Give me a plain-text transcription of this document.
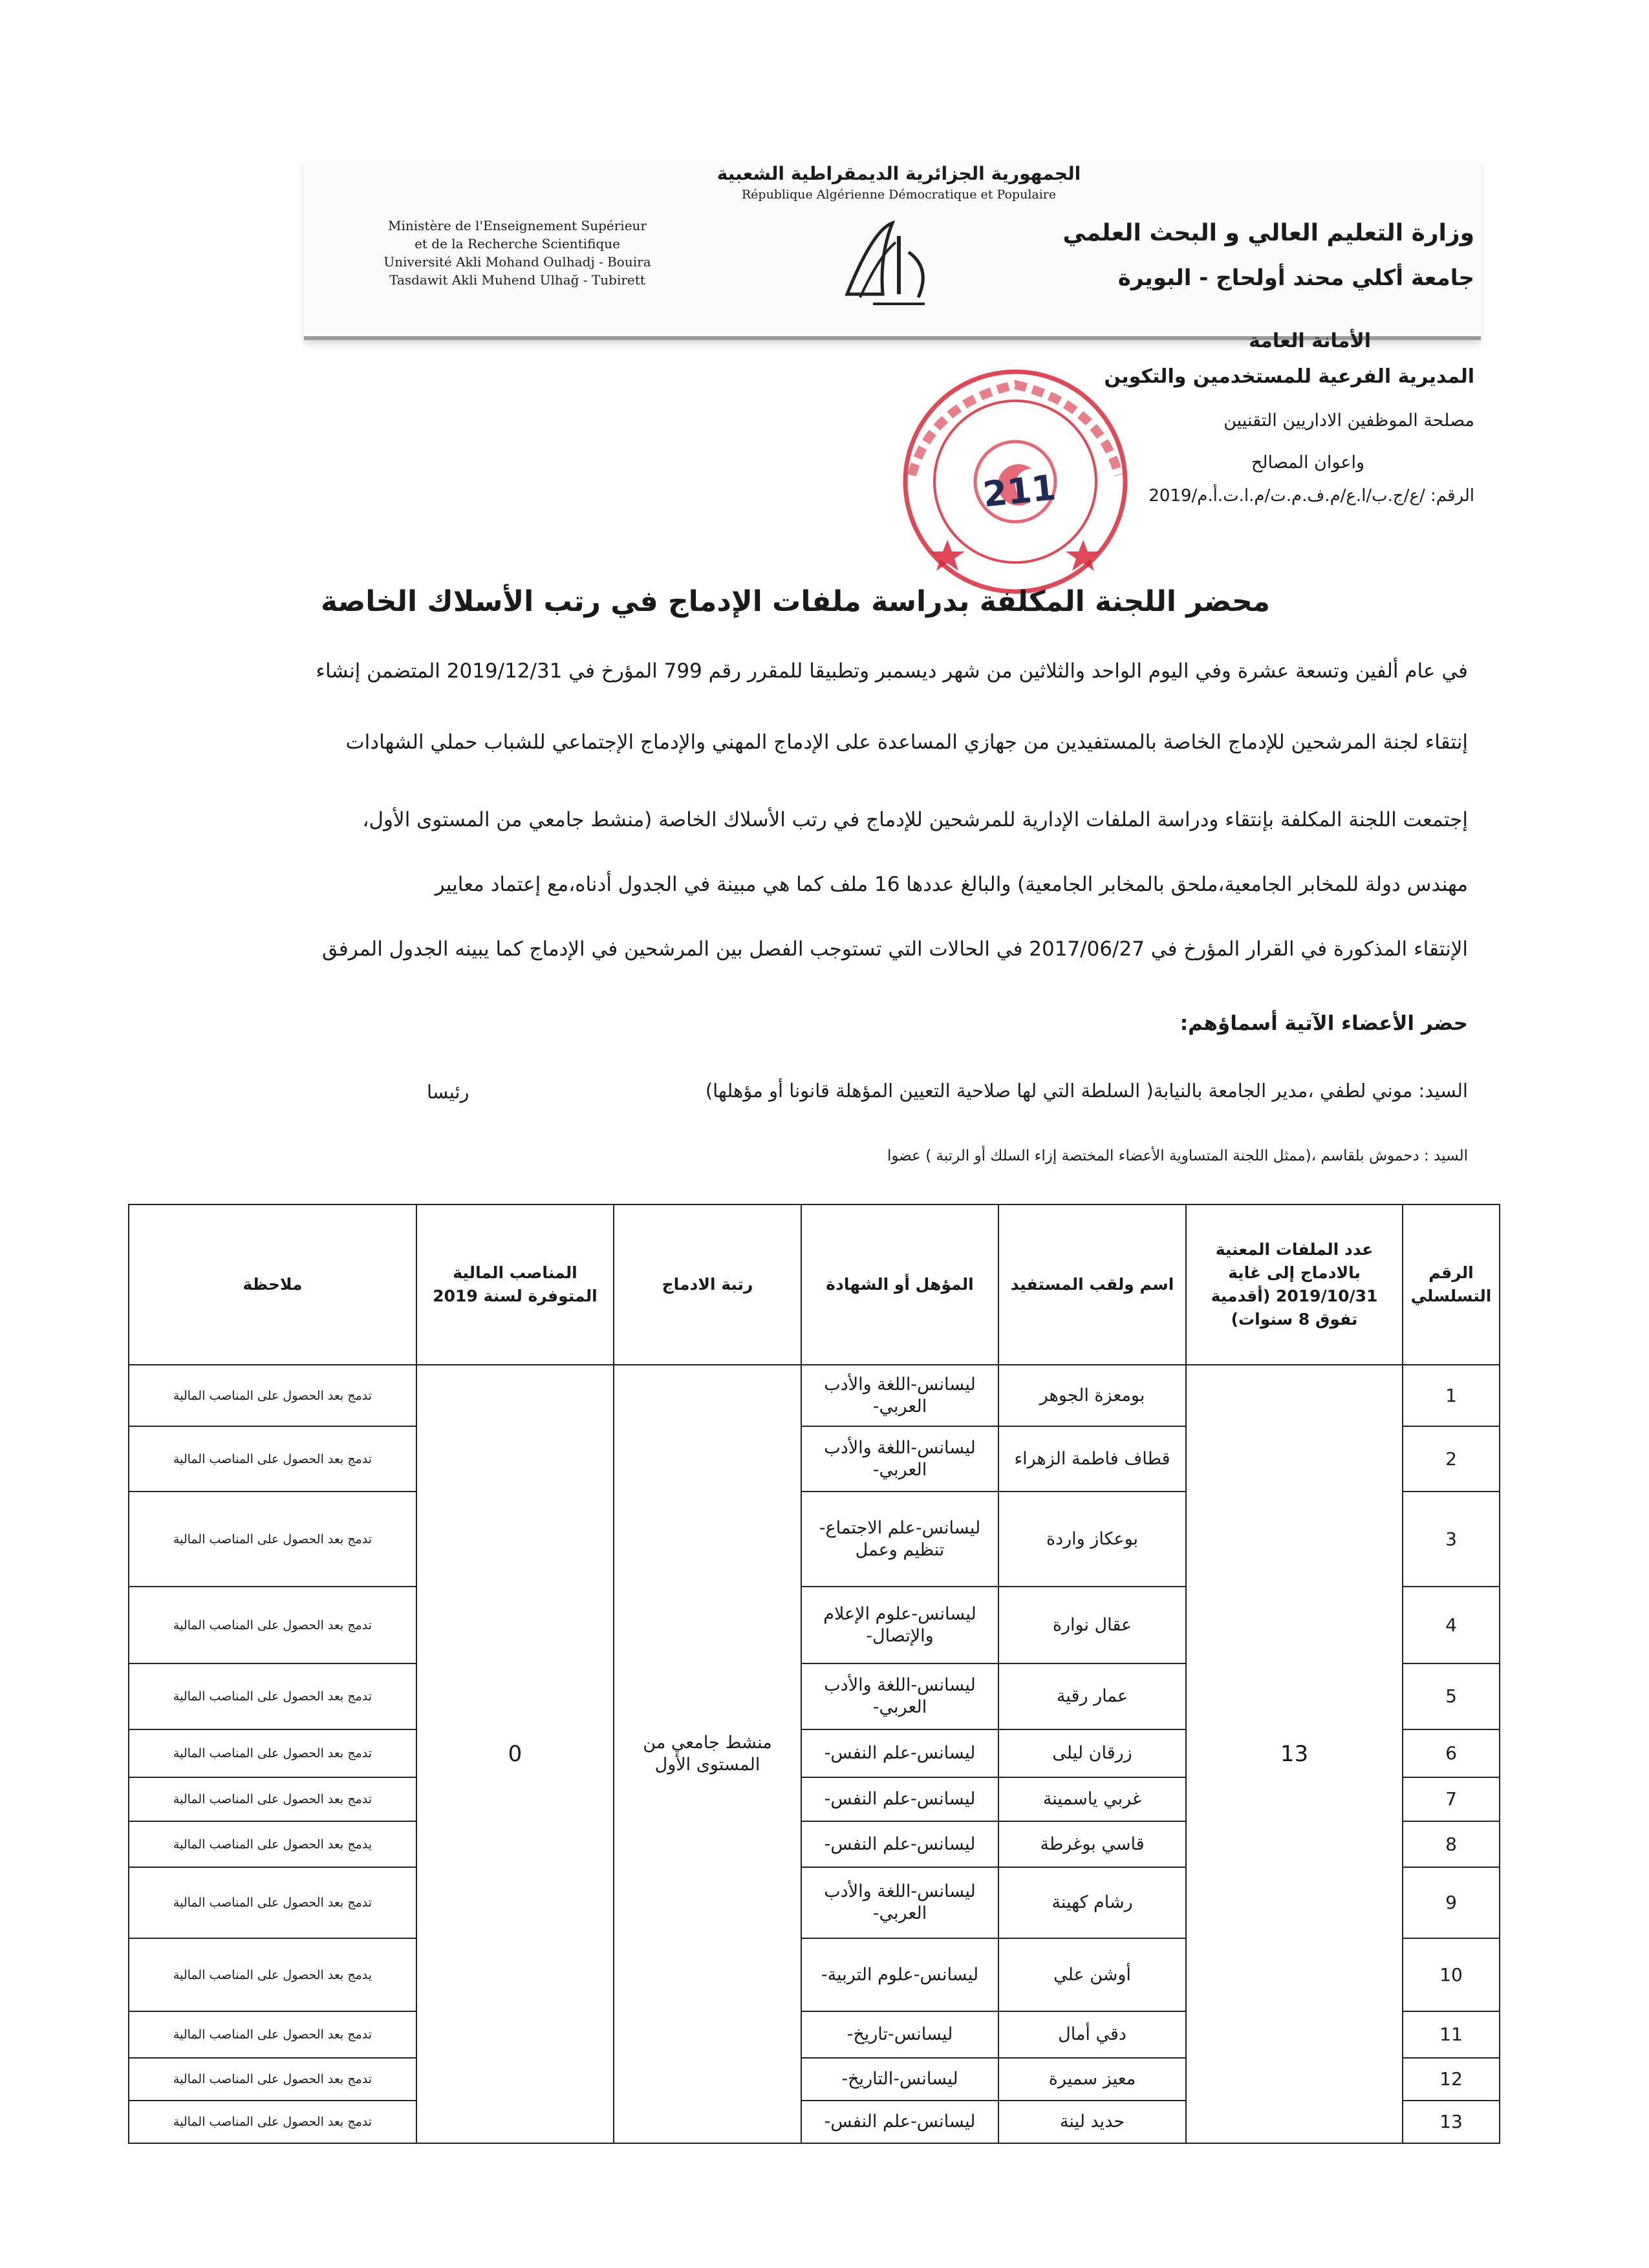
الجمهورية الجزائرية الديمقراطية الشعبية
République Algérienne Démocratique et Populaire
Ministère de l'Enseignement Supérieur
et de la Recherche Scientifique
Université Akli Mohand Oulhadj - Bouira
Tasdawit Akli Muhend Ulhağ - Tubirett
وزارة التعليم العالي و البحث العلمي
جامعة أكلي محند أولحاج - البويرة
الأمانة العامة
المديرية الفرعية للمستخدمين والتكوين
مصلحة الموظفين الاداريين التقنيين
واعوان المصالح
الرقم: /ع/ج.ب/ا.ع/م.ف.م.ت/م.ا.ت.أ.م/2019
211
محضر اللجنة المكلفة بدراسة ملفات الإدماج في رتب الأسلاك الخاصة
في عام ألفين وتسعة عشرة وفي اليوم الواحد والثلاثين من شهر ديسمبر وتطبيقا للمقرر رقم 799 المؤرخ في 2019/12/31 المتضمن إنشاء
إنتقاء لجنة المرشحين للإدماج الخاصة بالمستفيدين من جهازي المساعدة على الإدماج المهني والإدماج الإجتماعي للشباب حملي الشهادات
إجتمعت اللجنة المكلفة بإنتقاء ودراسة الملفات الإدارية للمرشحين للإدماج في رتب الأسلاك الخاصة (منشط جامعي من المستوى الأول،
مهندس دولة للمخابر الجامعية،ملحق بالمخابر الجامعية) والبالغ عددها 16 ملف كما هي مبينة في الجدول أدناه،مع إعتماد معايير
الإنتقاء المذكورة في القرار المؤرخ في 2017/06/27 في الحالات التي تستوجب الفصل بين المرشحين في الإدماج كما يبينه الجدول المرفق
حضر الأعضاء الآتية أسماؤهم:
السيد: موني لطفي ،مدير الجامعة بالنيابة( السلطة التي لها صلاحية التعيين المؤهلة قانونا أو مؤهلها)
رئيسا
السيد : دحموش بلقاسم ،(ممثل اللجنة المتساوية الأعضاء المختصة إزاء السلك أو الرتبة ) عضوا
الرقم التسلسلي	عدد الملفات المعنية بالادماج إلى غاية 2019/10/31 (أقدمية تفوق 8 سنوات)	اسم ولقب المستفيد	المؤهل أو الشهادة	رتبة الادماج	المناصب المالية المتوفرة لسنة 2019	ملاحظة
1	13	بومعزة الجوهر	ليسانس-اللغة والأدب العربي-	منشط جامعي من المستوى الأول	0	تدمج بعد الحصول على المناصب المالية
2		قطاف فاطمة الزهراء	ليسانس-اللغة والأدب العربي-			تدمج بعد الحصول على المناصب المالية
3		بوعكاز واردة	ليسانس-علم الاجتماع-تنظيم وعمل			تدمج بعد الحصول على المناصب المالية
4		عقال نوارة	ليسانس-علوم الإعلام والإتصال-			تدمج بعد الحصول على المناصب المالية
5		عمار رقية	ليسانس-اللغة والأدب العربي-			تدمج بعد الحصول على المناصب المالية
6		زرقان ليلى	ليسانس-علم النفس-			تدمج بعد الحصول على المناصب المالية
7		غربي ياسمينة	ليسانس-علم النفس-			تدمج بعد الحصول على المناصب المالية
8		قاسي بوغرطة	ليسانس-علم النفس-			يدمج بعد الحصول على المناصب المالية
9		رشام كهينة	ليسانس-اللغة والأدب العربي-			تدمج بعد الحصول على المناصب المالية
10		أوشن علي	ليسانس-علوم التربية-			يدمج بعد الحصول على المناصب المالية
11		دقي أمال	ليسانس-تاريخ-			تدمج بعد الحصول على المناصب المالية
12		معيز سميرة	ليسانس-التاريخ-			تدمج بعد الحصول على المناصب المالية
13		حديد لينة	ليسانس-علم النفس-			تدمج بعد الحصول على المناصب المالية
